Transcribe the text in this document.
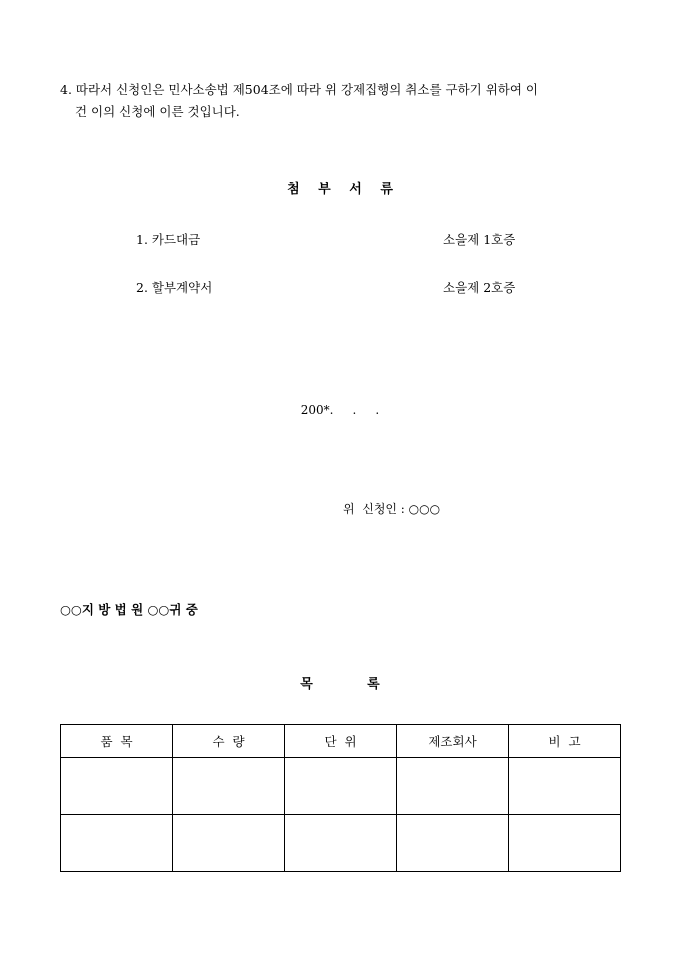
4. 따라서 신청인은 민사소송법 제504조에 따라 위 강제집행의 취소를 구하기 위하여 이
건 이의 신청에 이른 것입니다.
첨 부 서 류
1. 카드대금	소을제 1호증
2. 할부계약서	소을제 2호증
200*.     .     .
위  신청인 : ○○○
○○지 방 법 원 ○○귀 중
목            록
품  목	수  량	단  위	제조회사	비  고
